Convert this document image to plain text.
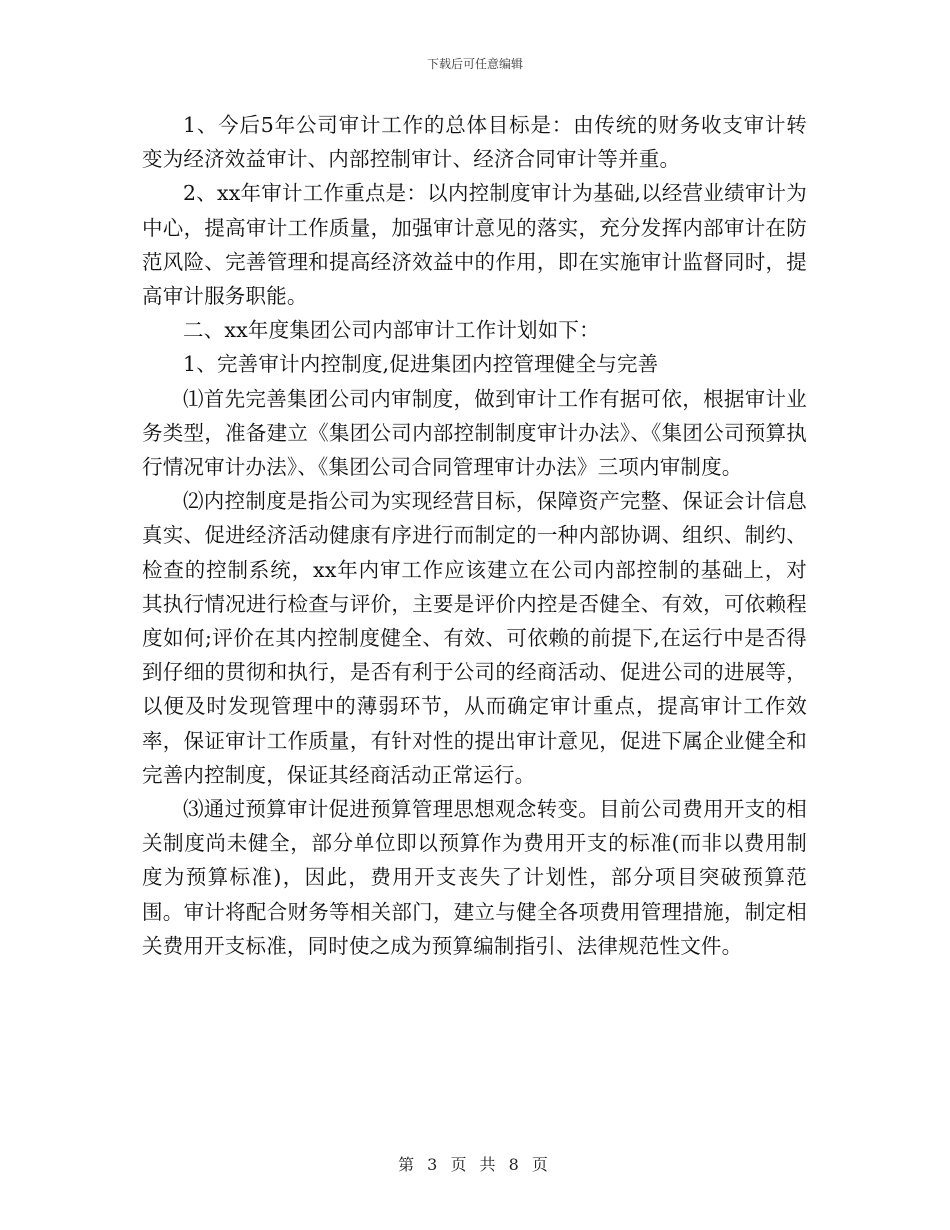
下载后可任意编辑

1、今后5年公司审计工作的总体目标是：由传统的财务收支审计转变为经济效益审计、内部控制审计、经济合同审计等并重。

2、xx年审计工作重点是：以内控制度审计为基础,以经营业绩审计为中心，提高审计工作质量，加强审计意见的落实，充分发挥内部审计在防范风险、完善管理和提高经济效益中的作用，即在实施审计监督同时，提高审计服务职能。

二、xx年度集团公司内部审计工作计划如下：

1、完善审计内控制度,促进集团内控管理健全与完善

⑴首先完善集团公司内审制度，做到审计工作有据可依，根据审计业务类型，准备建立《集团公司内部控制制度审计办法》、《集团公司预算执行情况审计办法》、《集团公司合同管理审计办法》三项内审制度。

⑵内控制度是指公司为实现经营目标，保障资产完整、保证会计信息真实、促进经济活动健康有序进行而制定的一种内部协调、组织、制约、检查的控制系统，xx年内审工作应该建立在公司内部控制的基础上，对其执行情况进行检查与评价，主要是评价内控是否健全、有效，可依赖程度如何;评价在其内控制度健全、有效、可依赖的前提下,在运行中是否得到仔细的贯彻和执行，是否有利于公司的经商活动、促进公司的进展等，以便及时发现管理中的薄弱环节，从而确定审计重点，提高审计工作效率，保证审计工作质量，有针对性的提出审计意见，促进下属企业健全和完善内控制度，保证其经商活动正常运行。

⑶通过预算审计促进预算管理思想观念转变。目前公司费用开支的相关制度尚未健全，部分单位即以预算作为费用开支的标准(而非以费用制度为预算标准)，因此，费用开支丧失了计划性，部分项目突破预算范围。审计将配合财务等相关部门，建立与健全各项费用管理措施，制定相关费用开支标准，同时使之成为预算编制指引、法律规范性文件。

第 3 页 共 8 页
